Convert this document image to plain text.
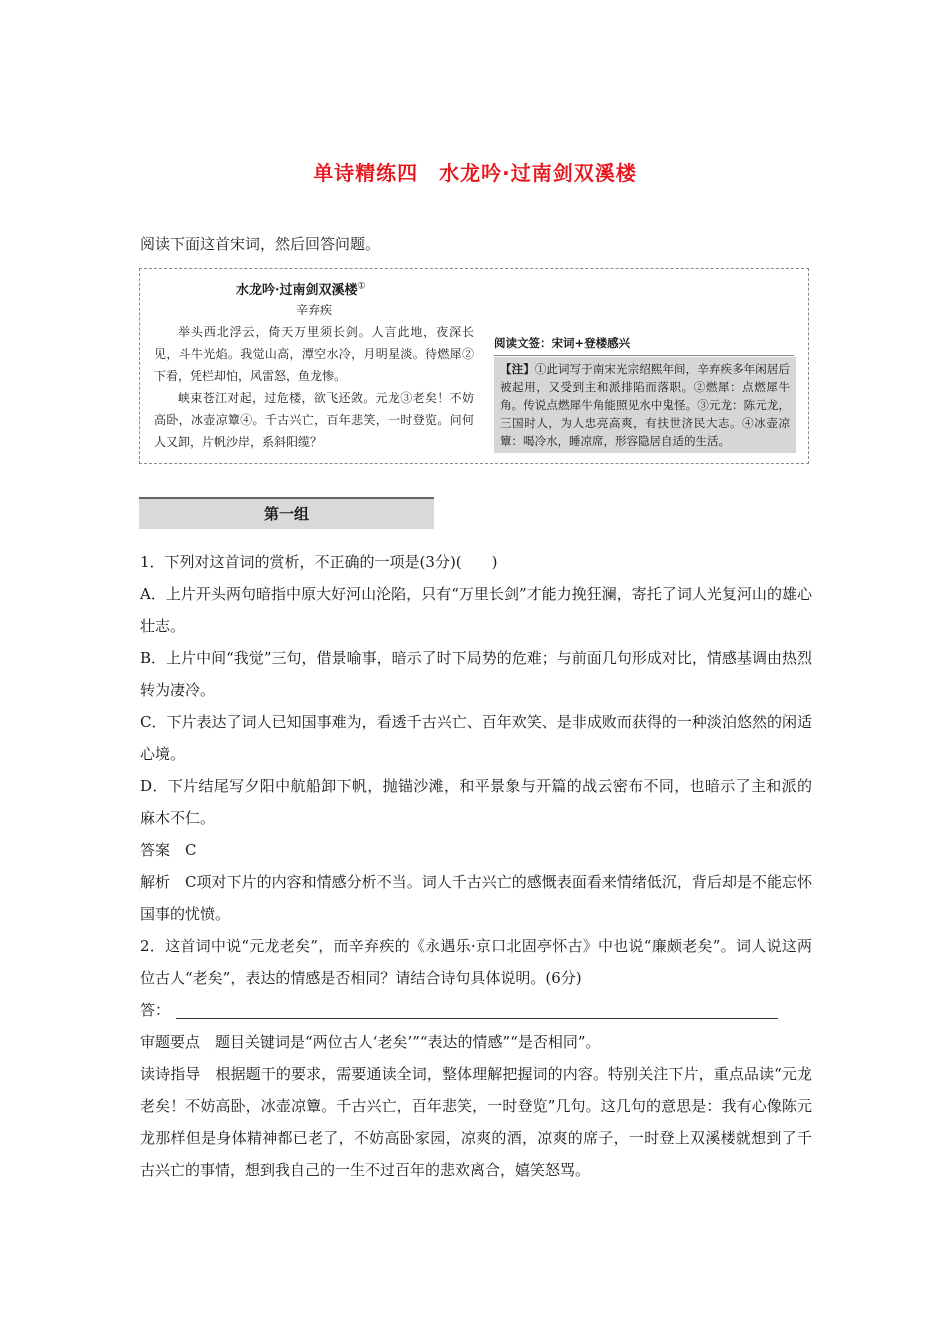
单诗精练四　水龙吟·过南剑双溪楼
阅读下面这首宋词，然后回答问题。
水龙吟·过南剑双溪楼①
辛弃疾

举头西北浮云，倚天万里须长剑。人言此地，夜深长见，斗牛光焰。我觉山高，潭空水冷，月明星淡。待燃犀②下看，凭栏却怕，风雷怒，鱼龙惨。

峡束苍江对起，过危楼，欲飞还敛。元龙③老矣！不妨高卧，冰壶凉簟④。千古兴亡，百年悲笑，一时登览。问何人又卸，片帆沙岸，系斜阳缆？

阅读文签：宋词+登楼感兴
【注】①此词写于南宋光宗绍熙年间，辛弃疾多年闲居后被起用，又受到主和派排陷而落职。②燃犀：点燃犀牛角。传说点燃犀牛角能照见水中鬼怪。③元龙：陈元龙，三国时人，为人忠亮高爽，有扶世济民大志。④冰壶凉簟：喝冷水，睡凉席，形容隐居自适的生活。
第一组

1．下列对这首词的赏析，不正确的一项是(3分)(　　)

A．上片开头两句暗指中原大好河山沦陷，只有“万里长剑”才能力挽狂澜，寄托了词人光复河山的雄心壮志。

B．上片中间“我觉”三句，借景喻事，暗示了时下局势的危难；与前面几句形成对比，情感基调由热烈转为凄冷。

C．下片表达了词人已知国事难为，看透千古兴亡、百年欢笑、是非成败而获得的一种淡泊悠然的闲适心境。

D．下片结尾写夕阳中航船卸下帆，抛锚沙滩，和平景象与开篇的战云密布不同，也暗示了主和派的麻木不仁。

答案　C

解析　C项对下片的内容和情感分析不当。词人千古兴亡的感慨表面看来情绪低沉，背后却是不能忘怀国事的忧愤。

2．这首词中说“元龙老矣”，而辛弃疾的《永遇乐·京口北固亭怀古》中也说“廉颇老矣”。词人说这两位古人“老矣”，表达的情感是否相同？请结合诗句具体说明。(6分)

答：

审题要点　题目关键词是“两位古人‘老矣’”“表达的情感”“是否相同”。

读诗指导　根据题干的要求，需要通读全词，整体理解把握词的内容。特别关注下片，重点品读“元龙老矣！不妨高卧，冰壶凉簟。千古兴亡，百年悲笑，一时登览”几句。这几句的意思是：我有心像陈元龙那样但是身体精神都已老了，不妨高卧家园，凉爽的酒，凉爽的席子，一时登上双溪楼就想到了千古兴亡的事情，想到我自己的一生不过百年的悲欢离合，嬉笑怒骂。
